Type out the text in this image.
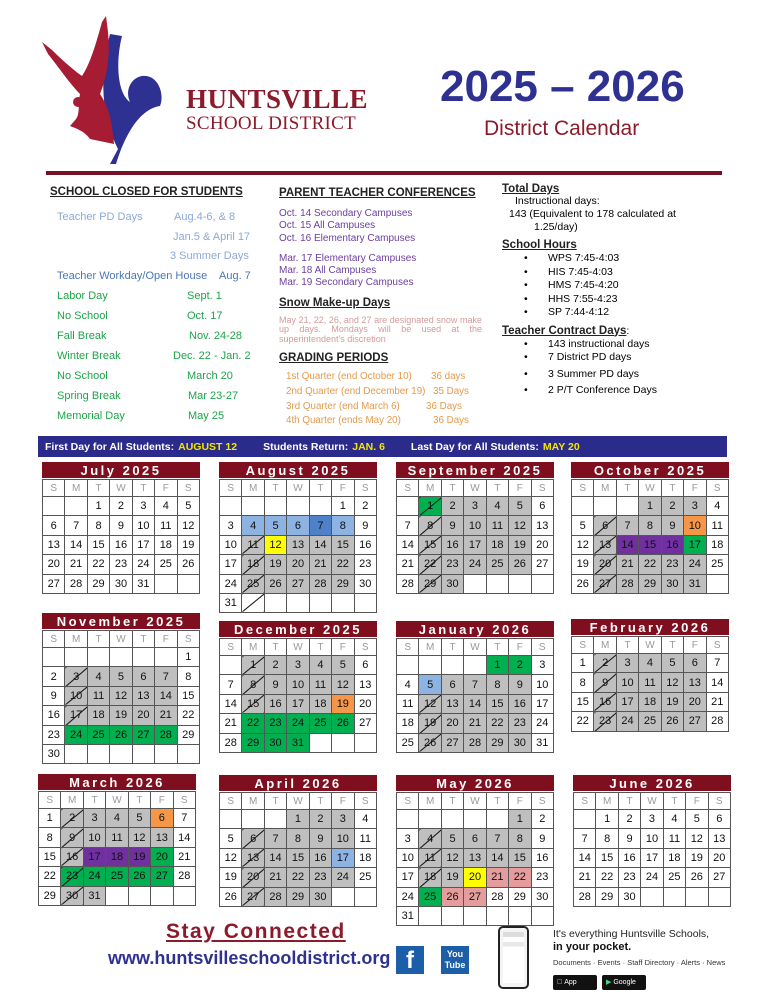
HUNTSVILLE
SCHOOL DISTRICT
2025 – 2026
District Calendar
SCHOOL CLOSED FOR STUDENTS
Teacher PD Days	Aug.4-6, & 8
Jan.5 & April 17
3 Summer Days
Teacher Workday/Open House Aug. 7
Labor Day	Sept. 1
No School	Oct. 17
Fall Break	Nov. 24-28
Winter Break	Dec. 22 - Jan. 2
No School	March 20
Spring Break	Mar 23-27
Memorial Day	May 25
PARENT TEACHER CONFERENCES
Oct. 14 Secondary Campuses
Oct. 15 All Campuses
Oct. 16 Elementary Campuses
Mar. 17 Elementary Campuses
Mar. 18 All Campuses
Mar. 19 Secondary Campuses
Snow Make-up Days
May 21, 22, 26, and 27 are designated snow make up days. Mondays will be used at the superintendent's discretion
GRADING PERIODS
1st Quarter (end October 10) 36 days
2nd Quarter (end December 19) 35 Days
3rd Quarter (end March 6)	36 Days
4th Quarter (ends May 20)	36 Days
Total Days
Instructional days:
143 (Equivalent to 178 calculated at
1.25/day)
School Hours
• WPS 7:45-4:03
• HIS 7:45-4:03
• HMS 7:45-4:20
• HHS 7:55-4:23
• SP 7:44-4:12
Teacher Contract Days:
• 143 instructional days
• 7 District PD days
• 3 Summer PD days
• 2 P/T Conference Days
First Day for All Students: AUGUST 12 Students Return: JAN. 6 Last Day for All Students: MAY 20
July 2025
S	M	T	W	T	F	S
		1	2	3	4	5
6	7	8	9	10	11	12
13	14	15	16	17	18	19
20	21	22	23	24	25	26
27	28	29	30	31		
August 2025
S	M	T	W	T	F	S
					1	2
3	4	5	6	7	8	9
10	11	12	13	14	15	16
17	18	19	20	21	22	23
24	25	26	27	28	29	30
31						
September 2025
S	M	T	W	T	F	S
	1	2	3	4	5	6
7	8	9	10	11	12	13
14	15	16	17	18	19	20
21	22	23	24	25	26	27
28	29	30				
October 2025
S	M	T	W	T	F	S
			1	2	3	4
5	6	7	8	9	10	11
12	13	14	15	16	17	18
19	20	21	22	23	24	25
26	27	28	29	30	31	
November 2025
S	M	T	W	T	F	S
						1
2	3	4	5	6	7	8
9	10	11	12	13	14	15
16	17	18	19	20	21	22
23	24	25	26	27	28	29
30						
December 2025
S	M	T	W	T	F	S
	1	2	3	4	5	6
7	8	9	10	11	12	13
14	15	16	17	18	19	20
21	22	23	24	25	26	27
28	29	30	31			
January 2026
S	M	T	W	T	F	S
				1	2	3
4	5	6	7	8	9	10
11	12	13	14	15	16	17
18	19	20	21	22	23	24
25	26	27	28	29	30	31
February 2026
S	M	T	W	T	F	S
1	2	3	4	5	6	7
8	9	10	11	12	13	14
15	16	17	18	19	20	21
22	23	24	25	26	27	28
March 2026
S	M	T	W	T	F	S
1	2	3	4	5	6	7
8	9	10	11	12	13	14
15	16	17	18	19	20	21
22	23	24	25	26	27	28
29	30	31				
April 2026
S	M	T	W	T	F	S
			1	2	3	4
5	6	7	8	9	10	11
12	13	14	15	16	17	18
19	20	21	22	23	24	25
26	27	28	29	30		
May 2026
S	M	T	W	T	F	S
					1	2
3	4	5	6	7	8	9
10	11	12	13	14	15	16
17	18	19	20	21	22	23
24	25	26	27	28	29	30
31						
June 2026
S	M	T	W	T	F	S
	1	2	3	4	5	6
7	8	9	10	11	12	13
14	15	16	17	18	19	20
21	22	23	24	25	26	27
28	29	30				
Stay Connected
www.huntsvilleschooldistrict.org f	You
Tube
It's everything Huntsville Schools,
in your pocket.
Documents · Events · Staff Directory · Alerts · News
App Store	▶ Google Play
